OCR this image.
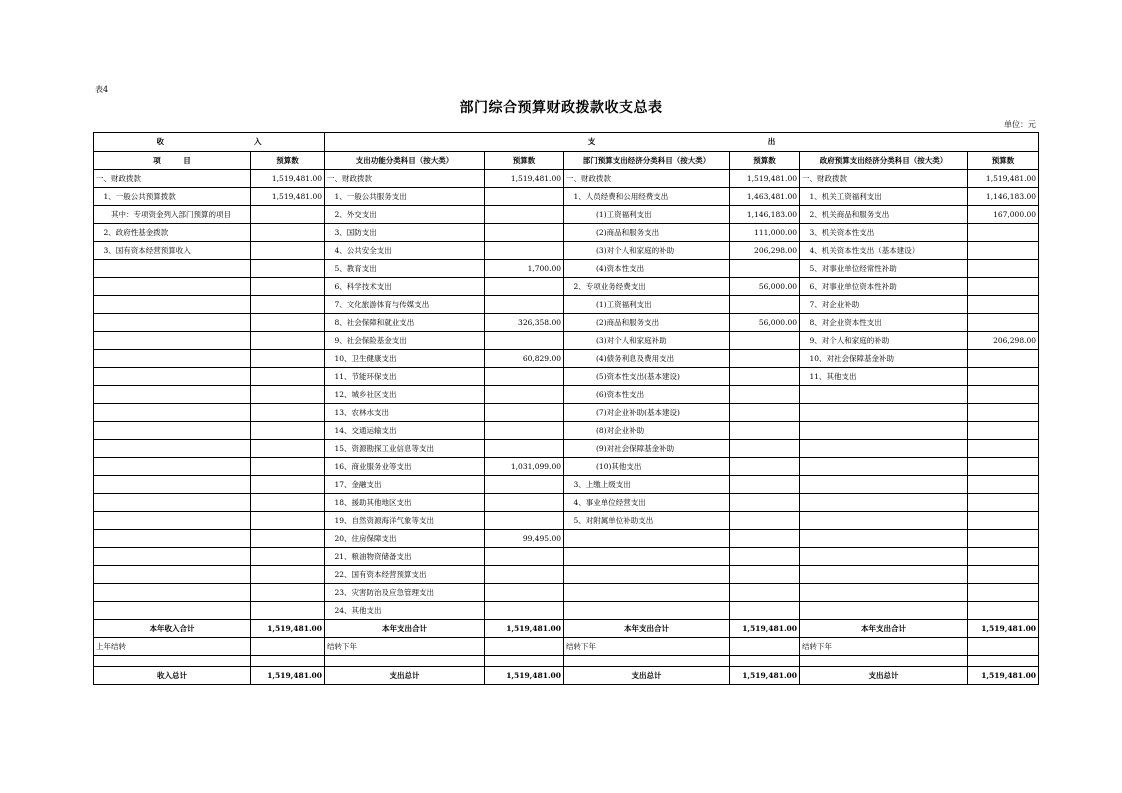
表4
部门综合预算财政拨款收支总表
单位：元
收　　　　　　　　　　　　入		支　　　　　　　　　　　　　　　　　　　　　　　出					
项　　　目	预算数	支出功能分类科目（按大类）	预算数	部门预算支出经济分类科目（按大类）	预算数	政府预算支出经济分类科目（按大类）	预算数
一、财政拨款	1,519,481.00	一、财政拨款	1,519,481.00	一、财政拨款	1,519,481.00	一、财政拨款	1,519,481.00
　1、一般公共预算拨款	1,519,481.00	　1、一般公共服务支出		　1、人员经费和公用经费支出	1,463,481.00	　1、机关工资福利支出	1,146,183.00
　　其中：专项资金列入部门预算的项目		　2、外交支出		　　　　(1)工资福利支出	1,146,183.00	　2、机关商品和服务支出	167,000.00
　2、政府性基金拨款		　3、国防支出		　　　　(2)商品和服务支出	111,000.00	　3、机关资本性支出	
　3、国有资本经营预算收入		　4、公共安全支出		　　　　(3)对个人和家庭的补助	206,298.00	　4、机关资本性支出（基本建设）	
		　5、教育支出	1,700.00	　　　　(4)资本性支出		　5、对事业单位经常性补助	
		　6、科学技术支出		　2、专项业务经费支出	56,000.00	　6、对事业单位资本性补助	
		　7、文化旅游体育与传媒支出		　　　　(1)工资福利支出		　7、对企业补助	
		　8、社会保障和就业支出	326,358.00	　　　　(2)商品和服务支出	56,000.00	　8、对企业资本性支出	
		　9、社会保险基金支出		　　　　(3)对个人和家庭补助		　9、对个人和家庭的补助	206,298.00
		　10、卫生健康支出	60,829.00	　　　　(4)债务利息及费用支出		　10、对社会保障基金补助	
		　11、节能环保支出		　　　　(5)资本性支出(基本建设)		　11、其他支出	
		　12、城乡社区支出		　　　　(6)资本性支出			
		　13、农林水支出		　　　　(7)对企业补助(基本建设)			
		　14、交通运输支出		　　　　(8)对企业补助			
		　15、资源勘探工业信息等支出		　　　　(9)对社会保障基金补助			
		　16、商业服务业等支出	1,031,099.00	　　　　(10)其他支出			
		　17、金融支出		　3、上缴上级支出			
		　18、援助其他地区支出		　4、事业单位经营支出			
		　19、自然资源海洋气象等支出		　5、对附属单位补助支出			
		　20、住房保障支出	99,495.00				
		　21、粮油物资储备支出					
		　22、国有资本经营预算支出					
		　23、灾害防治及应急管理支出					
		　24、其他支出					
本年收入合计	1,519,481.00	本年支出合计	1,519,481.00	本年支出合计	1,519,481.00	本年支出合计	1,519,481.00
上年结转		结转下年		结转下年		结转下年	

收入总计	1,519,481.00	支出总计	1,519,481.00	支出总计	1,519,481.00	支出总计	1,519,481.00
